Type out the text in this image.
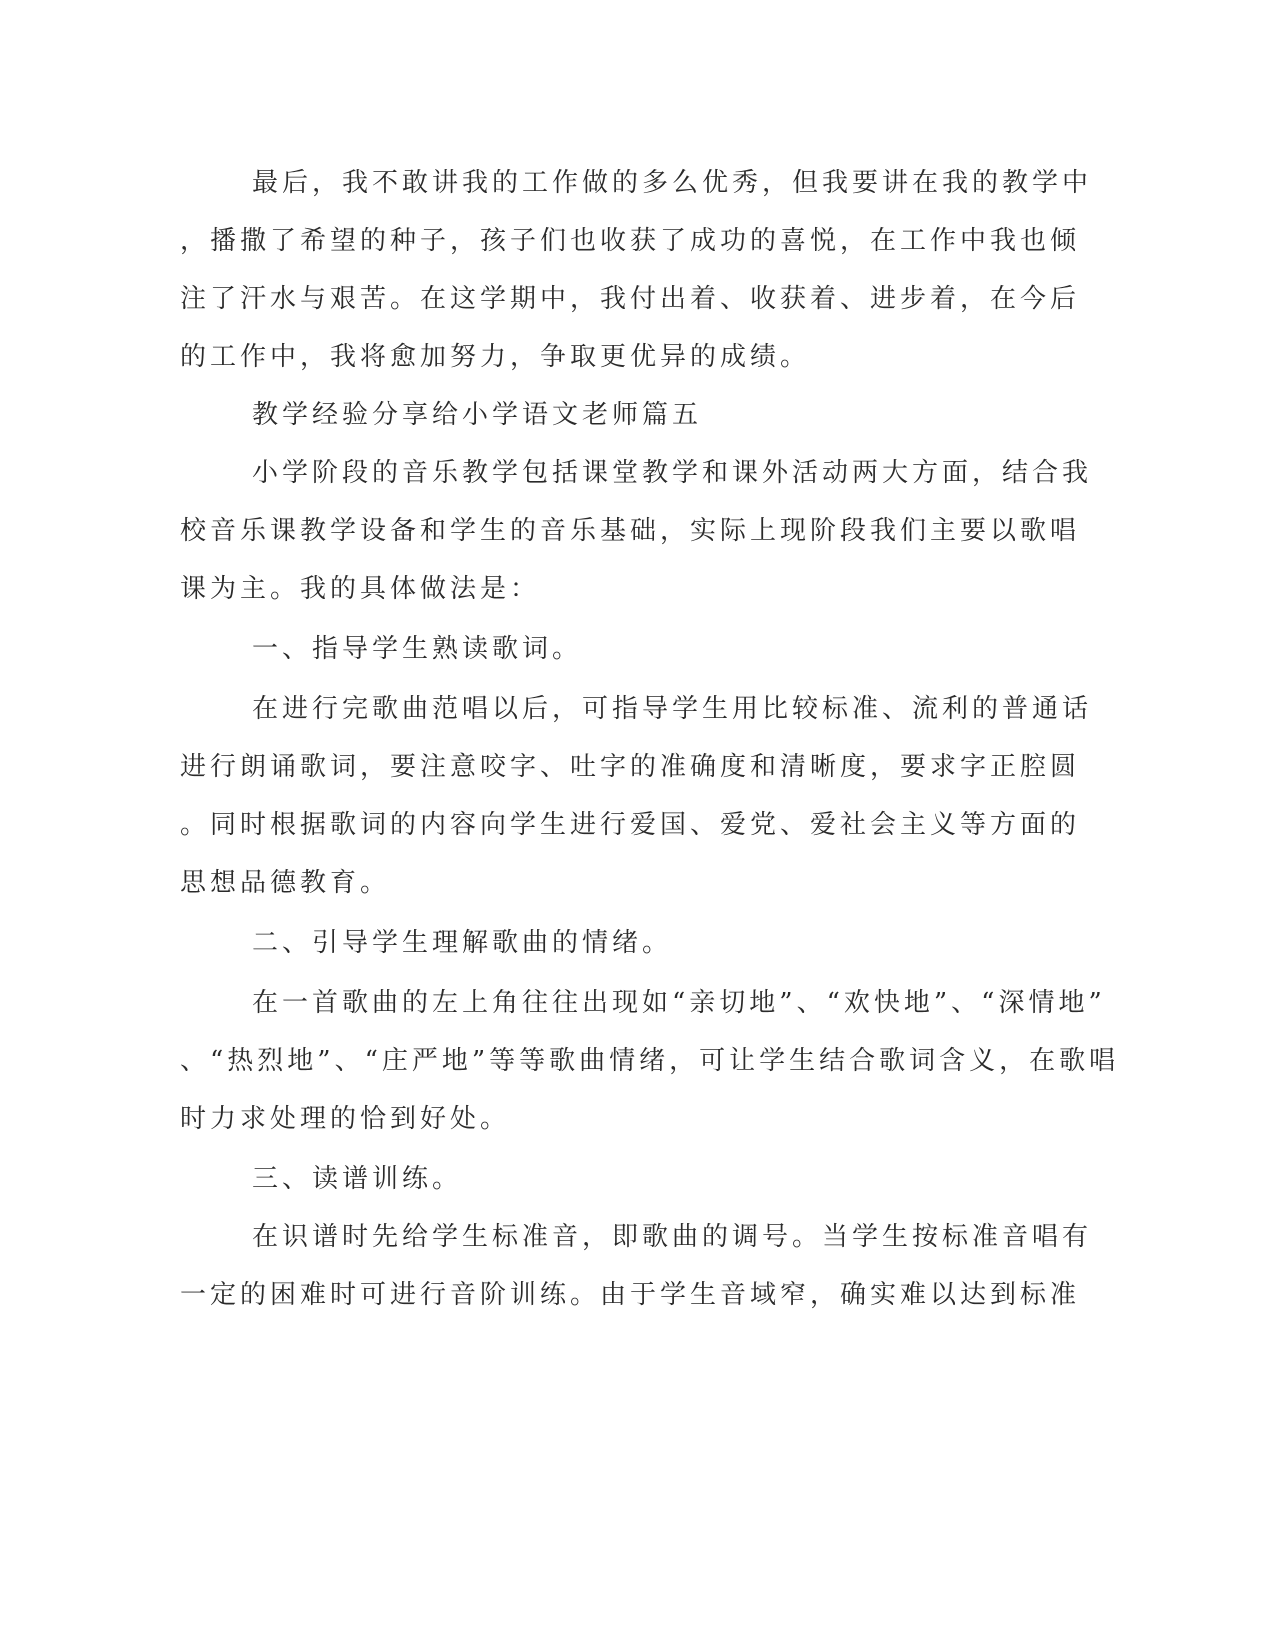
最后，我不敢讲我的工作做的多么优秀，但我要讲在我的教学中
，播撒了希望的种子，孩子们也收获了成功的喜悦，在工作中我也倾
注了汗水与艰苦。在这学期中，我付出着、收获着、进步着，在今后
的工作中，我将愈加努力，争取更优异的成绩。
教学经验分享给小学语文老师篇五
小学阶段的音乐教学包括课堂教学和课外活动两大方面，结合我
校音乐课教学设备和学生的音乐基础，实际上现阶段我们主要以歌唱
课为主。我的具体做法是：
一、指导学生熟读歌词。
在进行完歌曲范唱以后，可指导学生用比较标准、流利的普通话
进行朗诵歌词，要注意咬字、吐字的准确度和清晰度，要求字正腔圆
。同时根据歌词的内容向学生进行爱国、爱党、爱社会主义等方面的
思想品德教育。
二、引导学生理解歌曲的情绪。
在一首歌曲的左上角往往出现如“亲切地”、“欢快地”、“深情地”
、“热烈地”、“庄严地”等等歌曲情绪，可让学生结合歌词含义，在歌唱
时力求处理的恰到好处。
三、读谱训练。
在识谱时先给学生标准音，即歌曲的调号。当学生按标准音唱有
一定的困难时可进行音阶训练。由于学生音域窄，确实难以达到标准
